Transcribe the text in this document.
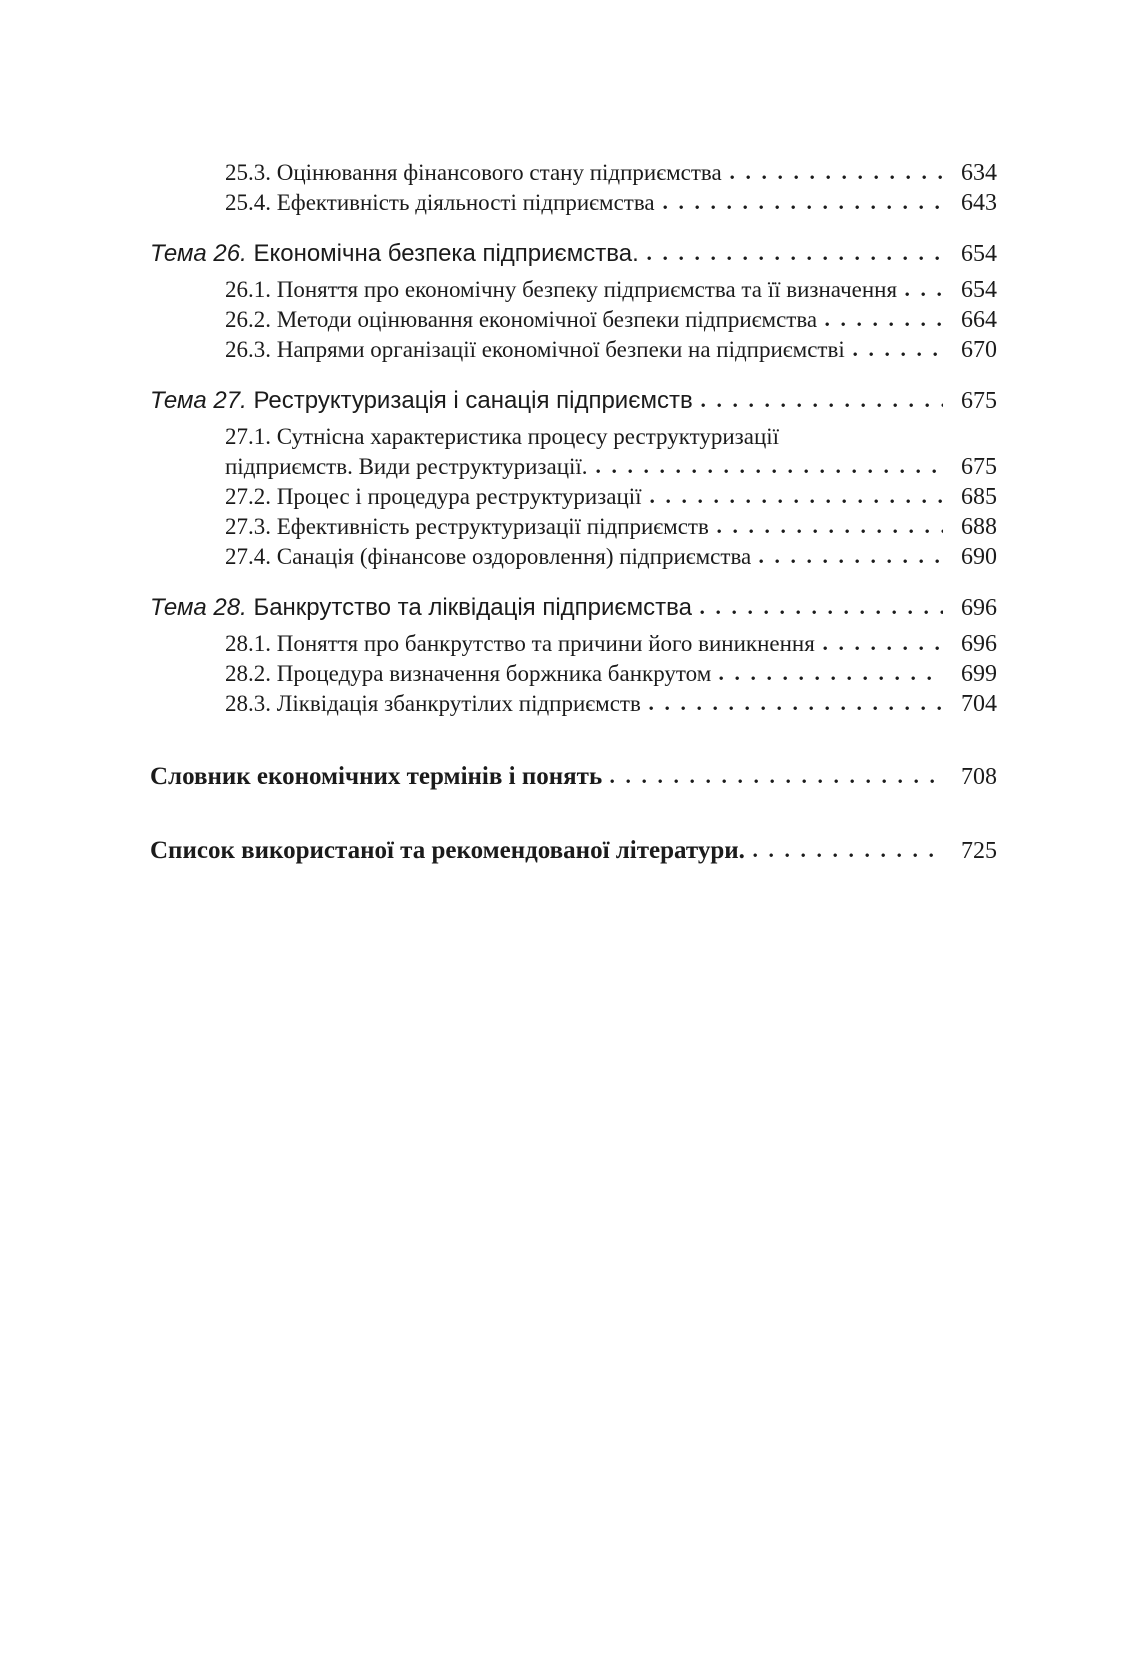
25.3. Оцінювання фінансового стану підприємства	634
25.4. Ефективність діяльності підприємства	643
Тема 26. Економічна безпека підприємства.	654
26.1. Поняття про економічну безпеку підприємства та її визначення	654
26.2. Методи оцінювання економічної безпеки підприємства	664
26.3. Напрями організації економічної безпеки на підприємстві	670
Тема 27. Реструктуризація і санація підприємств	675
27.1. Сутнісна характеристика процесу реструктуризації
підприємств. Види реструктуризації.	675
27.2. Процес і процедура реструктуризації	685
27.3. Ефективність реструктуризації підприємств	688
27.4. Санація (фінансове оздоровлення) підприємства	690
Тема 28. Банкрутство та ліквідація підприємства	696
28.1. Поняття про банкрутство та причини його виникнення	696
28.2. Процедура визначення боржника банкрутом	699
28.3. Ліквідація збанкрутілих підприємств	704
Словник економічних термінів і понять	708
Список використаної та рекомендованої літератури.	725
